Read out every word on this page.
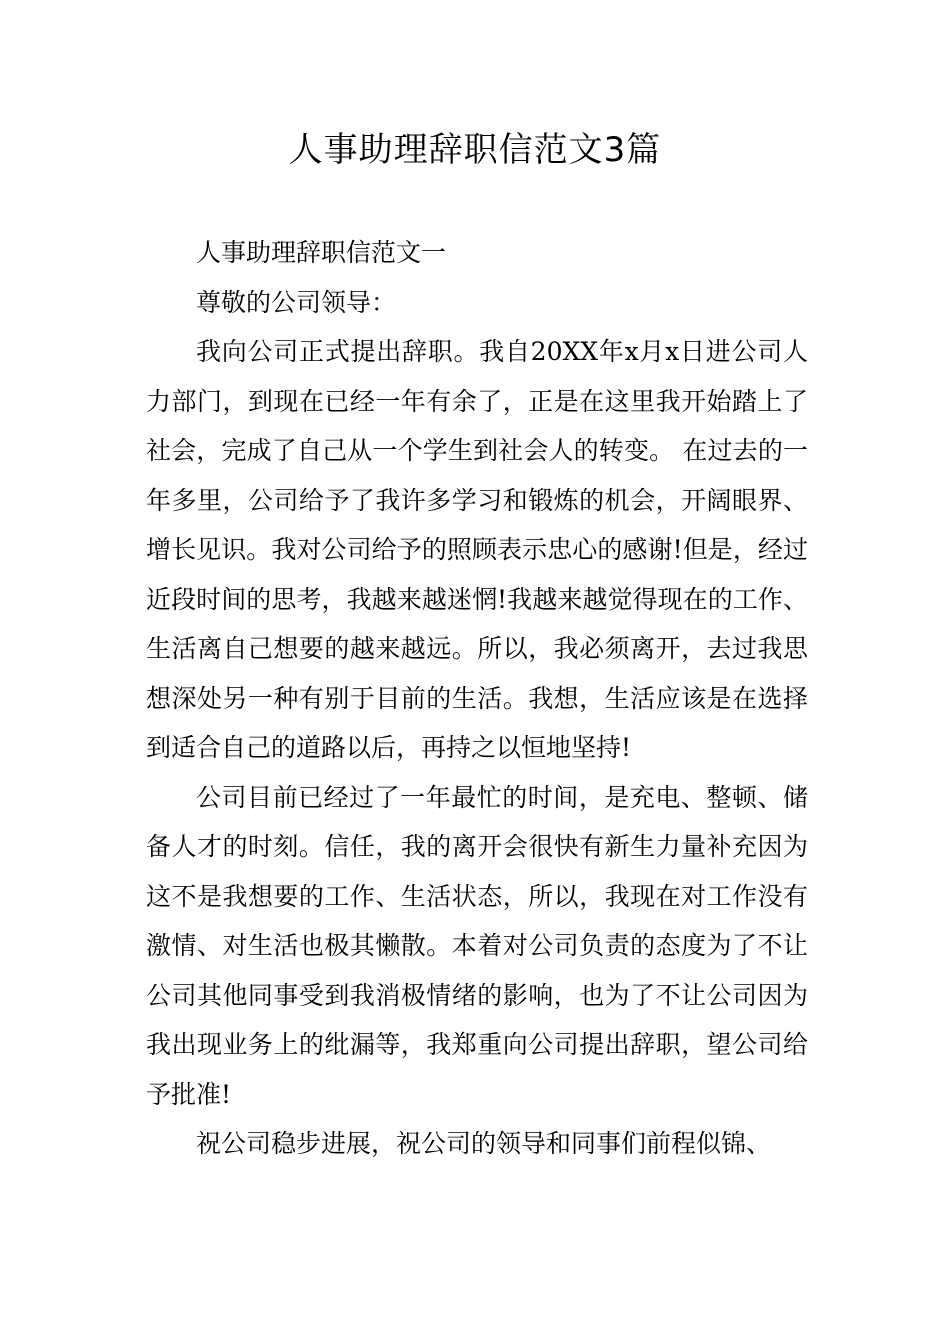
人事助理辞职信范文3篇

人事助理辞职信范文一

尊敬的公司领导：

我向公司正式提出辞职。我自20XX年x月x日进公司人力部门，到现在已经一年有余了，正是在这里我开始踏上了社会，完成了自己从一个学生到社会人的转变。 在过去的一年多里，公司给予了我许多学习和锻炼的机会，开阔眼界、增长见识。我对公司给予的照顾表示忠心的感谢!但是，经过近段时间的思考，我越来越迷惘!我越来越觉得现在的工作、生活离自己想要的越来越远。所以，我必须离开，去过我思想深处另一种有别于目前的生活。我想，生活应该是在选择到适合自己的道路以后，再持之以恒地坚持!

公司目前已经过了一年最忙的时间，是充电、整顿、储备人才的时刻。信任，我的离开会很快有新生力量补充因为这不是我想要的工作、生活状态，所以，我现在对工作没有激情、对生活也极其懒散。本着对公司负责的态度为了不让公司其他同事受到我消极情绪的影响，也为了不让公司因为我出现业务上的纰漏等，我郑重向公司提出辞职，望公司给予批准!

祝公司稳步进展，祝公司的领导和同事们前程似锦、
